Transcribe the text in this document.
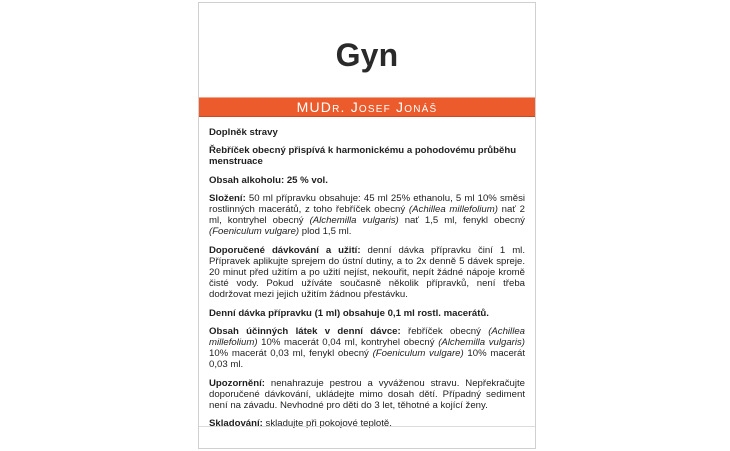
Gyn
MUDr. Josef Jonáš

Doplněk stravy

Řebříček obecný přispívá k harmonickému a pohodovému průběhu menstruace

Obsah alkoholu: 25 % vol.

Složení: 50 ml přípravku obsahuje: 45 ml 25% ethanolu, 5 ml 10% směsi rostlinných macerátů, z toho řebříček obecný (Achillea millefolium) nať 2 ml, kontryhel obecný (Alchemilla vulgaris) nať 1,5 ml, fenykl obecný (Foeniculum vulgare) plod 1,5 ml.

Doporučené dávkování a užití: denní dávka přípravku činí 1 ml. Přípravek aplikujte sprejem do ústní dutiny, a to 2x denně 5 dávek spreje. 20 minut před užitím a po užití nejíst, nekouřit, nepít žádné nápoje kromě čisté vody. Pokud užíváte současně několik přípravků, není třeba dodržovat mezi jejich užitím žádnou přestávku.

Denní dávka přípravku (1 ml) obsahuje 0,1 ml rostl. macerátů.

Obsah účinných látek v denní dávce: řebříček obecný (Achillea millefolium) 10% macerát 0,04 ml, kontryhel obecný (Alchemilla vulgaris) 10% macerát 0,03 ml, fenykl obecný (Foeniculum vulgare) 10% macerát 0,03 ml.

Upozornění: nenahrazuje pestrou a vyváženou stravu. Nepřekračujte doporučené dávkování, ukládejte mimo dosah dětí. Případný sediment není na závadu. Nevhodné pro děti do 3 let, těhotné a kojící ženy.

Skladování: skladujte při pokojové teplotě.
